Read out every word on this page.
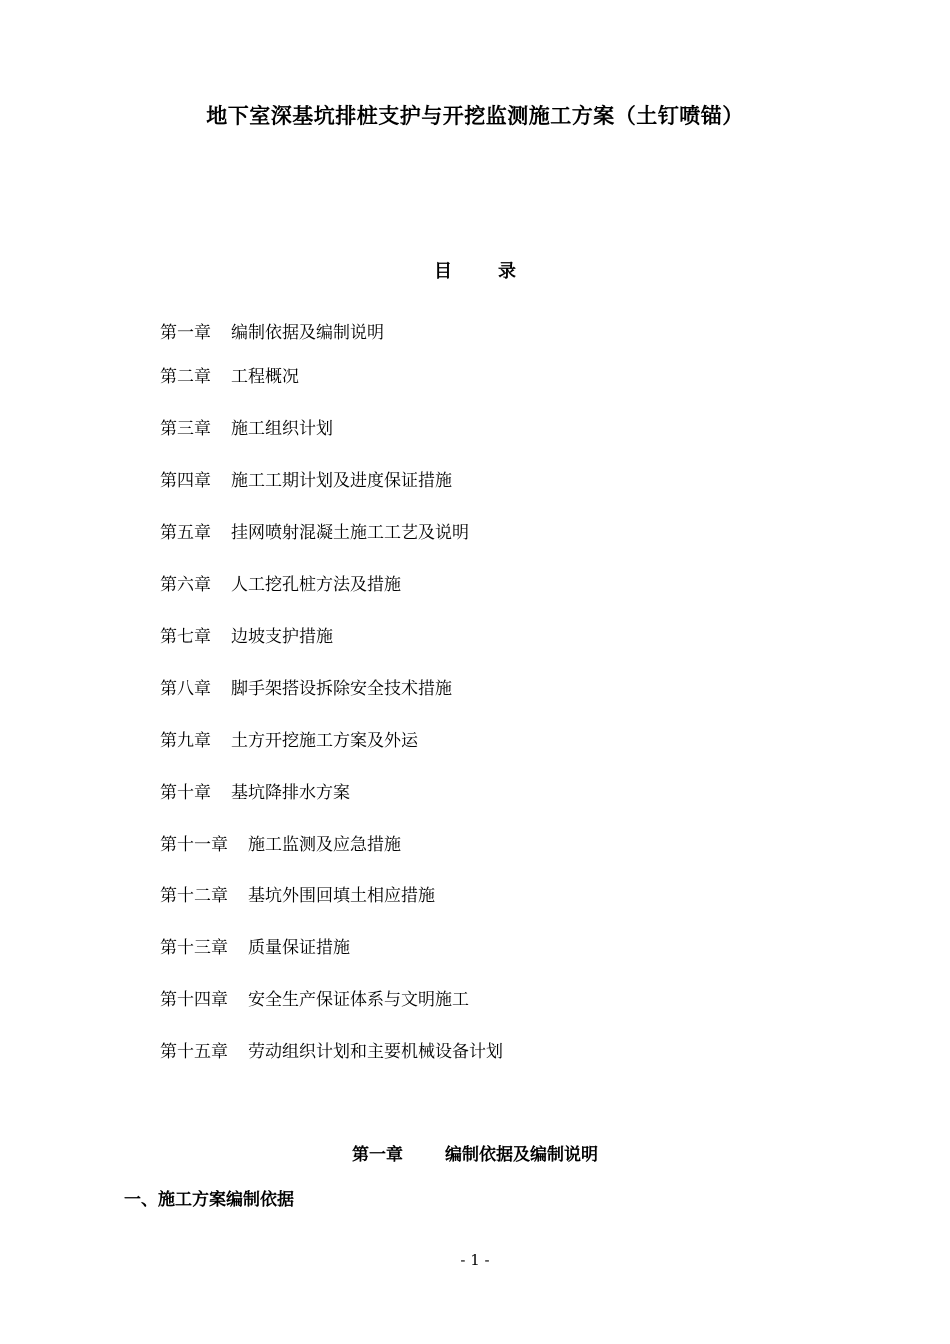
地下室深基坑排桩支护与开挖监测施工方案（土钉喷锚）
目	录
第一章 编制依据及编制说明
第二章 工程概况
第三章 施工组织计划
第四章 施工工期计划及进度保证措施
第五章 挂网喷射混凝土施工工艺及说明
第六章 人工挖孔桩方法及措施
第七章 边坡支护措施
第八章 脚手架搭设拆除安全技术措施
第九章 土方开挖施工方案及外运
第十章 基坑降排水方案
第十一章 施工监测及应急措施
第十二章 基坑外围回填土相应措施
第十三章 质量保证措施
第十四章 安全生产保证体系与文明施工
第十五章 劳动组织计划和主要机械设备计划
第一章 编制依据及编制说明
一、施工方案编制依据
- 1 -
